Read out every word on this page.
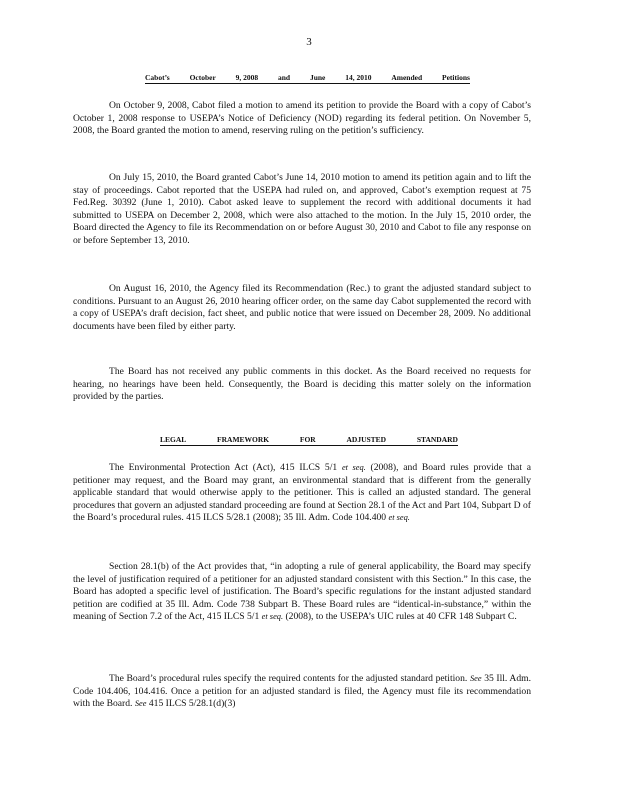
3
Cabot’s	October	9, 2008	and	June	14, 2010	Amended	Petitions

On October 9, 2008, Cabot filed a motion to amend its petition to provide the Board with a copy of Cabot’s October 1, 2008 response to USEPA’s Notice of Deficiency (NOD) regarding its federal petition. On November 5, 2008, the Board granted the motion to amend, reserving ruling on the petition’s sufficiency.

On July 15, 2010, the Board granted Cabot’s June 14, 2010 motion to amend its petition again and to lift the stay of proceedings. Cabot reported that the USEPA had ruled on, and approved, Cabot’s exemption request at 75 Fed.Reg. 30392 (June 1, 2010). Cabot asked leave to supplement the record with additional documents it had submitted to USEPA on December 2, 2008, which were also attached to the motion. In the July 15, 2010 order, the Board directed the Agency to file its Recommendation on or before August 30, 2010 and Cabot to file any response on or before September 13, 2010.

On August 16, 2010, the Agency filed its Recommendation (Rec.) to grant the adjusted standard subject to conditions. Pursuant to an August 26, 2010 hearing officer order, on the same day Cabot supplemented the record with a copy of USEPA’s draft decision, fact sheet, and public notice that were issued on December 28, 2009. No additional documents have been filed by either party.

The Board has not received any public comments in this docket. As the Board received no requests for hearing, no hearings have been held. Consequently, the Board is deciding this matter solely on the information provided by the parties.

LEGAL	FRAMEWORK	FOR	ADJUSTED	STANDARD

The Environmental Protection Act (Act), 415 ILCS 5/1 et seq. (2008), and Board rules provide that a petitioner may request, and the Board may grant, an environmental standard that is different from the generally applicable standard that would otherwise apply to the petitioner. This is called an adjusted standard. The general procedures that govern an adjusted standard proceeding are found at Section 28.1 of the Act and Part 104, Subpart D of the Board’s procedural rules. 415 ILCS 5/28.1 (2008); 35 Ill. Adm. Code 104.400 et seq.

Section 28.1(b) of the Act provides that, “in adopting a rule of general applicability, the Board may specify the level of justification required of a petitioner for an adjusted standard consistent with this Section.” In this case, the Board has adopted a specific level of justification. The Board’s specific regulations for the instant adjusted standard petition are codified at 35 Ill. Adm. Code 738 Subpart B. These Board rules are “identical-in-substance,” within the meaning of Section 7.2 of the Act, 415 ILCS 5/1 et seq. (2008), to the USEPA’s UIC rules at 40 CFR 148 Subpart C.

The Board’s procedural rules specify the required contents for the adjusted standard petition. See 35 Ill. Adm. Code 104.406, 104.416. Once a petition for an adjusted standard is filed, the Agency must file its recommendation with the Board. See 415 ILCS 5/28.1(d)(3)
